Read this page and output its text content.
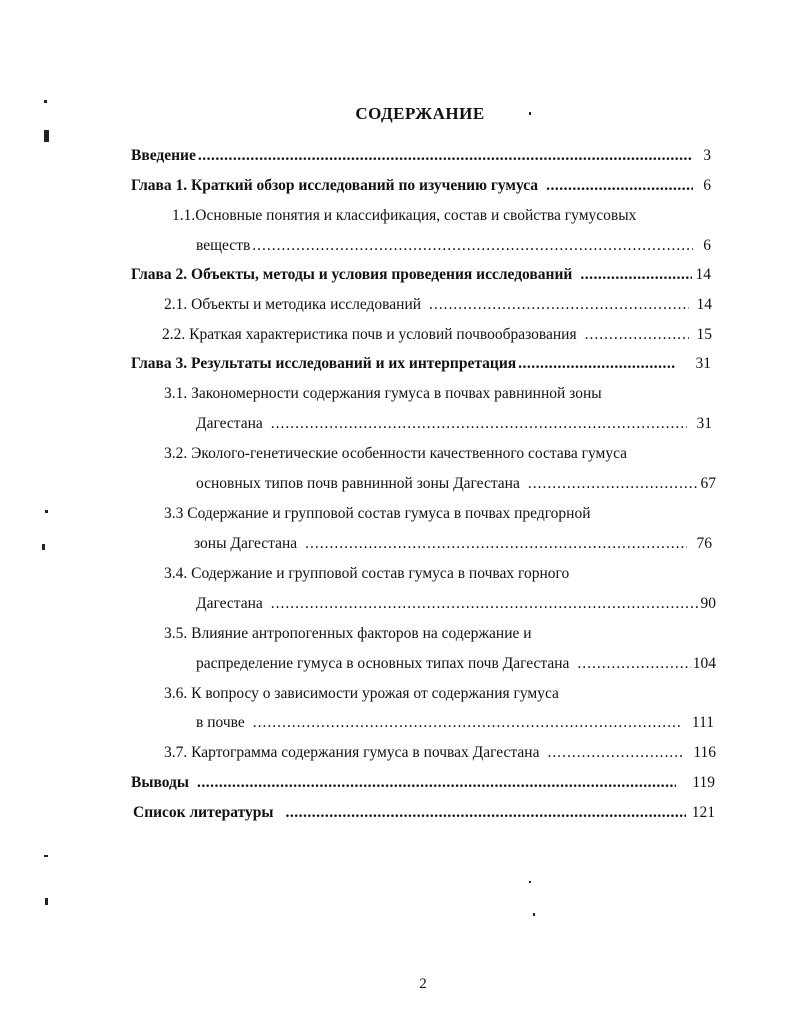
СОДЕРЖАНИЕ
Введение .....	3
Глава 1. Краткий обзор исследований по изучению гумуса .....	6
1.1.Основные понятия и классификация, состав и свойства гумусовых
веществ .....	6
Глава 2. Объекты, методы и условия проведения исследований .....	14
2.1. Объекты и методика исследований .....	14
2.2. Краткая характеристика почв и условий почвообразования .....	15
Глава 3. Результаты исследований и их интерпретация .....	31
3.1. Закономерности содержания гумуса в почвах равнинной зоны
Дагестана .....	31
3.2. Эколого-генетические особенности качественного состава гумуса
основных типов почв равнинной зоны Дагестана .....	67
3.3 Содержание и групповой состав гумуса в почвах предгорной
зоны Дагестана .....	76
3.4. Содержание и групповой состав гумуса в почвах горного
Дагестана .....	90
3.5. Влияние антропогенных факторов на содержание и
распределение гумуса в основных типах почв Дагестана .....	104
3.6. К вопросу о зависимости урожая от содержания гумуса
в почве .....	111
3.7. Картограмма содержания гумуса в почвах Дагестана .....	116
Выводы .....	119
Список литературы .....	121
2
